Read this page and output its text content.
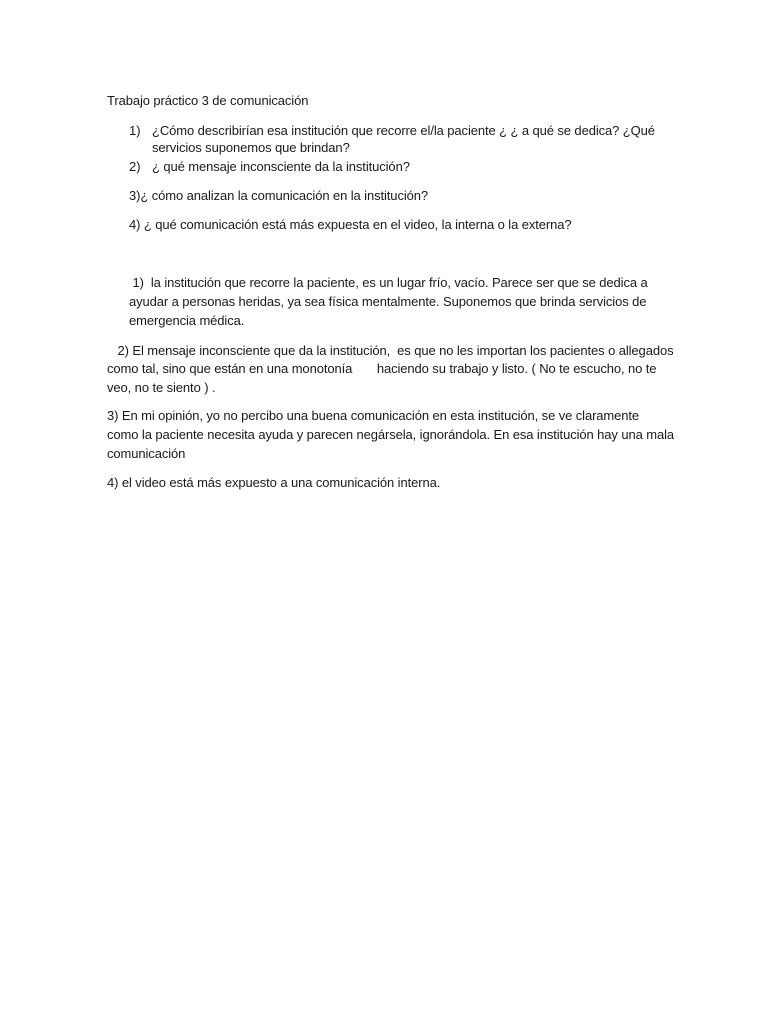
Trabajo práctico 3 de comunicación
1) ¿Cómo describirían esa institución que recorre el/la paciente ¿ ¿ a qué se dedica? ¿Qué
servicios suponemos que brindan?
2) ¿ qué mensaje inconsciente da la institución?
3)¿ cómo analizan la comunicación en la institución?
4) ¿ qué comunicación está más expuesta en el video, la interna o la externa?
1)  la institución que recorre la paciente, es un lugar frío, vacío. Parece ser que se dedica a
ayudar a personas heridas, ya sea física mentalmente. Suponemos que brinda servicios de
emergencia médica.
2) El mensaje inconsciente que da la institución,  es que no les importan los pacientes o allegados
como tal, sino que están en una monotonía       haciendo su trabajo y listo. ( No te escucho, no te
veo, no te siento ) .
3) En mi opinión, yo no percibo una buena comunicación en esta institución, se ve claramente
como la paciente necesita ayuda y parecen negársela, ignorándola. En esa institución hay una mala
comunicación
4) el video está más expuesto a una comunicación interna.
